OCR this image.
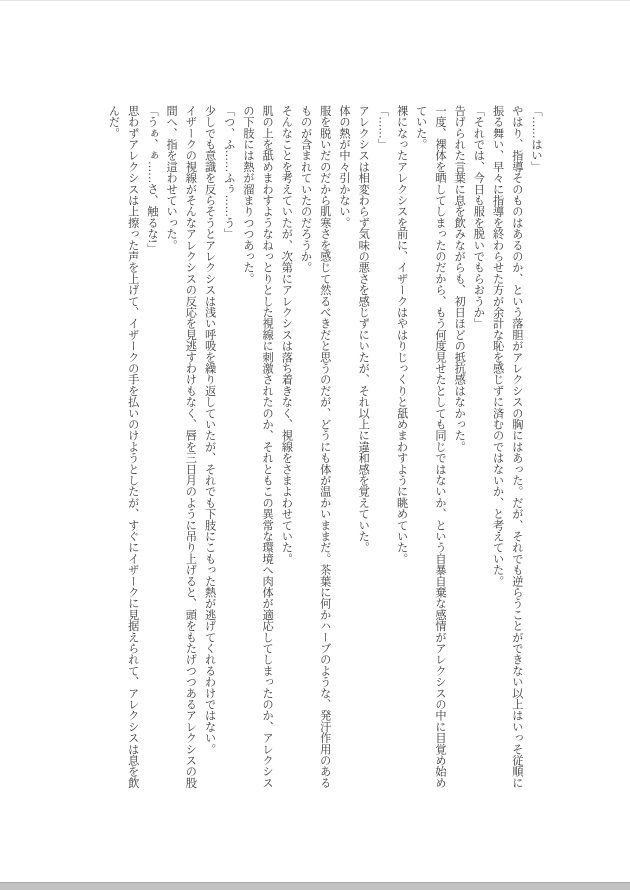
「……はい」

やはり、指導そのものはあるのか、という落胆がアレクシスの胸にはあった。だが、それでも逆らうことができない以上はいっそ従順に振る舞い、早々に指導を終わらせた方が余計な恥を感じずに済むのではないか、と考えていた。

「それでは、今日も服を脱いでもらおうか」

告げられた言葉に息を飲みながらも、初日ほどの抵抗感はなかった。

一度、裸体を晒してしまったのだから、もう何度見せたとしても同じではないか、という自暴自棄な感情がアレクシスの中に目覚め始めていた。

裸になったアレクシスを前に、イザークはやはりじっくりと舐めまわすように眺めていた。

「……」

アレクシスは相変わらず気味の悪さを感じずにいたが、それ以上に違和感を覚えていた。

体の熱が中々引かない。

服を脱いだのだから肌寒さを感じて然るべきだと思うのだが、どうにも体が温かいままだ。茶葉に何かハーブのような、発汗作用のあるものが含まれていたのだろうか。

そんなことを考えていたが、次第にアレクシスは落ち着きなく、視線をさまよわせていた。

肌の上を舐めまわすようなねっとりとした視線に刺激されたのか、それともこの異常な環境へ肉体が適応してしまったのか、アレクシスの下肢には熱が溜まりつつあった。

「つ、ふ……ふぅ……う」

少しでも意識を反らそうとアレクシスは浅い呼吸を繰り返していたが、それでも下肢にこもった熱が逃げてくれるわけではない。

イザークの視線がそんなアレクシスの反応を見逃すわけもなく、唇を三日月のように吊り上げると、頭をもたげつつあるアレクシスの股間へ、指を這わせていった。

「うぁ、ぁ……さ、触るな!」

思わずアレクシスは上擦った声を上げて、イザークの手を払いのけようとしたが、すぐにイザークに見据えられて、アレクシスは息を飲んだ。
